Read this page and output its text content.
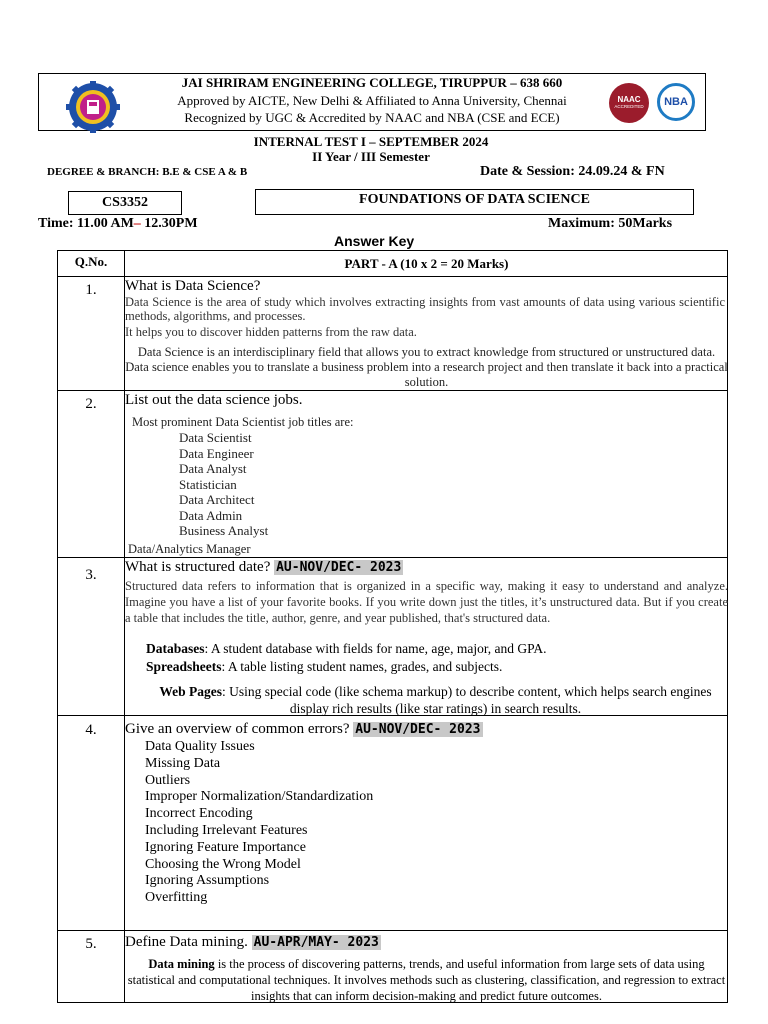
JAI SHRIRAM ENGINEERING COLLEGE, TIRUPPUR – 638 660
Approved by AICTE, New Delhi & Affiliated to Anna University, Chennai
Recognized by UGC & Accredited by NAAC and NBA (CSE and ECE)
NAAC
ACCREDITED	NBA
INTERNAL TEST I – SEPTEMBER 2024
II Year / III Semester
DEGREE & BRANCH: B.E & CSE A & B	Date & Session: 24.09.24 & FN
CS3352	FOUNDATIONS OF DATA SCIENCE
Time: 11.00 AM– 12.30PM	Maximum: 50Marks
Answer Key
Q.No.	PART - A (10 x 2 = 20 Marks)
1.	What is Data Science?
Data Science is the area of study which involves extracting insights from vast amounts of data using various scientific methods, algorithms, and processes.
It helps you to discover hidden patterns from the raw data.
Data Science is an interdisciplinary field that allows you to extract knowledge from structured or unstructured data. Data science enables you to translate a business problem into a research project and then translate it back into a practical solution.
2.	List out the data science jobs.
Most prominent Data Scientist job titles are:
Data Scientist
Data Engineer
Data Analyst
Statistician
Data Architect
Data Admin
Business Analyst
Data/Analytics Manager
3.	What is structured date? AU-NOV/DEC- 2023
Structured data refers to information that is organized in a specific way, making it easy to understand and analyze. Imagine you have a list of your favorite books. If you write down just the titles, it’s unstructured data. But if you create a table that includes the title, author, genre, and year published, that's structured data.
Databases: A student database with fields for name, age, major, and GPA.
Spreadsheets: A table listing student names, grades, and subjects.
Web Pages: Using special code (like schema markup) to describe content, which helps search engines display rich results (like star ratings) in search results.
4.	Give an overview of common errors? AU-NOV/DEC- 2023
Data Quality Issues
Missing Data
Outliers
Improper Normalization/Standardization
Incorrect Encoding
Including Irrelevant Features
Ignoring Feature Importance
Choosing the Wrong Model
Ignoring Assumptions
Overfitting
5.	Define Data mining. AU-APR/MAY- 2023
Data mining is the process of discovering patterns, trends, and useful information from large sets of data using statistical and computational techniques. It involves methods such as clustering, classification, and regression to extract insights that can inform decision-making and predict future outcomes.
